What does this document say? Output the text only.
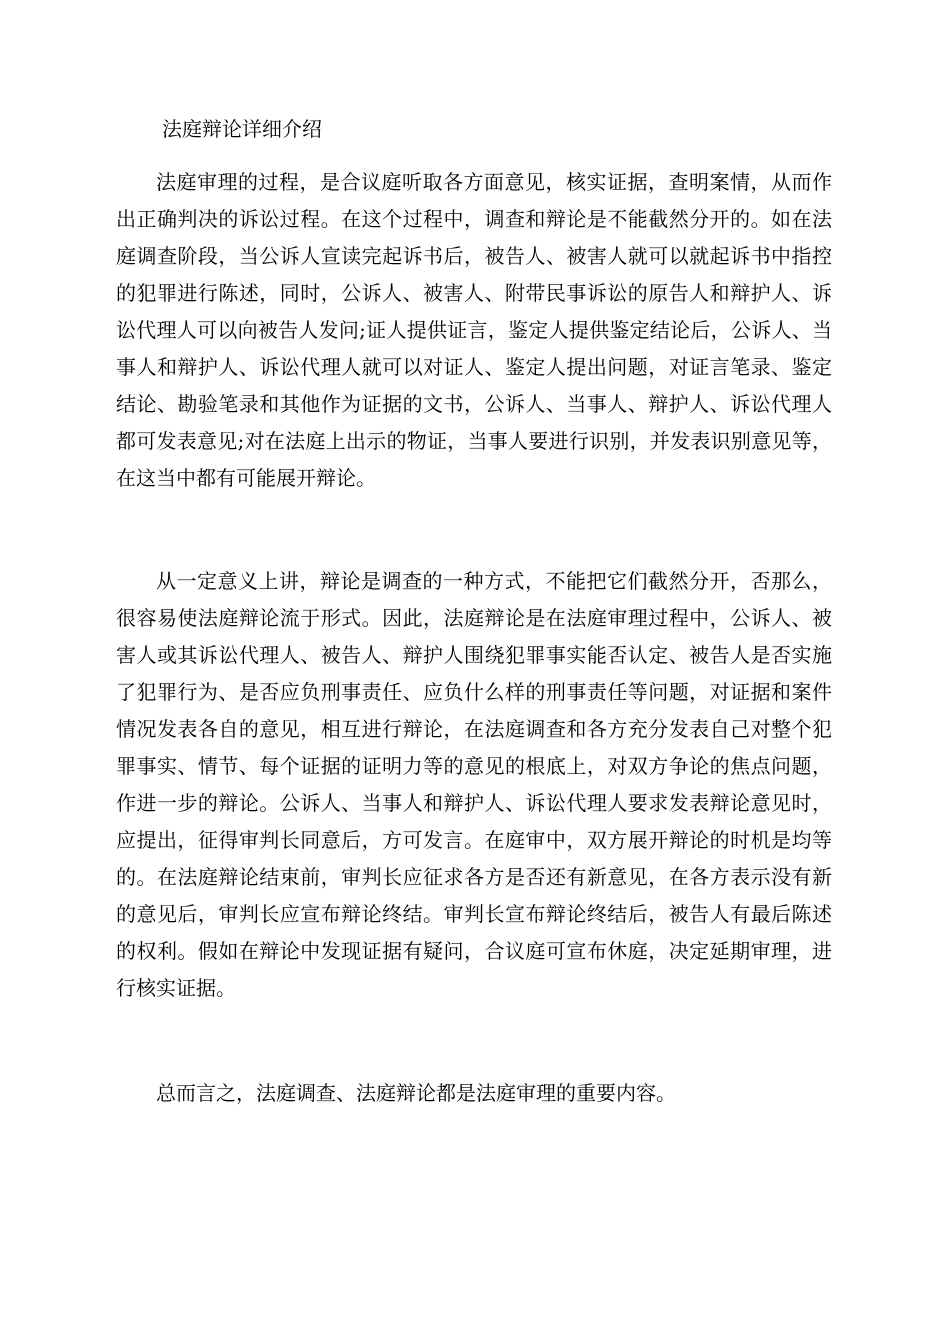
法庭辩论详细介绍

法庭审理的过程，是合议庭听取各方面意见，核实证据，查明案情，从而作出正确判决的诉讼过程。在这个过程中，调查和辩论是不能截然分开的。如在法庭调查阶段，当公诉人宣读完起诉书后，被告人、被害人就可以就起诉书中指控的犯罪进行陈述，同时，公诉人、被害人、附带民事诉讼的原告人和辩护人、诉讼代理人可以向被告人发问;证人提供证言，鉴定人提供鉴定结论后，公诉人、当事人和辩护人、诉讼代理人就可以对证人、鉴定人提出问题，对证言笔录、鉴定结论、勘验笔录和其他作为证据的文书，公诉人、当事人、辩护人、诉讼代理人都可发表意见;对在法庭上出示的物证，当事人要进行识别，并发表识别意见等，在这当中都有可能展开辩论。

从一定意义上讲，辩论是调查的一种方式，不能把它们截然分开，否那么，很容易使法庭辩论流于形式。因此，法庭辩论是在法庭审理过程中，公诉人、被害人或其诉讼代理人、被告人、辩护人围绕犯罪事实能否认定、被告人是否实施了犯罪行为、是否应负刑事责任、应负什么样的刑事责任等问题，对证据和案件情况发表各自的意见，相互进行辩论，在法庭调查和各方充分发表自己对整个犯罪事实、情节、每个证据的证明力等的意见的根底上，对双方争论的焦点问题，作进一步的辩论。公诉人、当事人和辩护人、诉讼代理人要求发表辩论意见时，应提出，征得审判长同意后，方可发言。在庭审中，双方展开辩论的时机是均等的。在法庭辩论结束前，审判长应征求各方是否还有新意见，在各方表示没有新的意见后，审判长应宣布辩论终结。审判长宣布辩论终结后，被告人有最后陈述的权利。假如在辩论中发现证据有疑问，合议庭可宣布休庭，决定延期审理，进行核实证据。

总而言之，法庭调查、法庭辩论都是法庭审理的重要内容。
